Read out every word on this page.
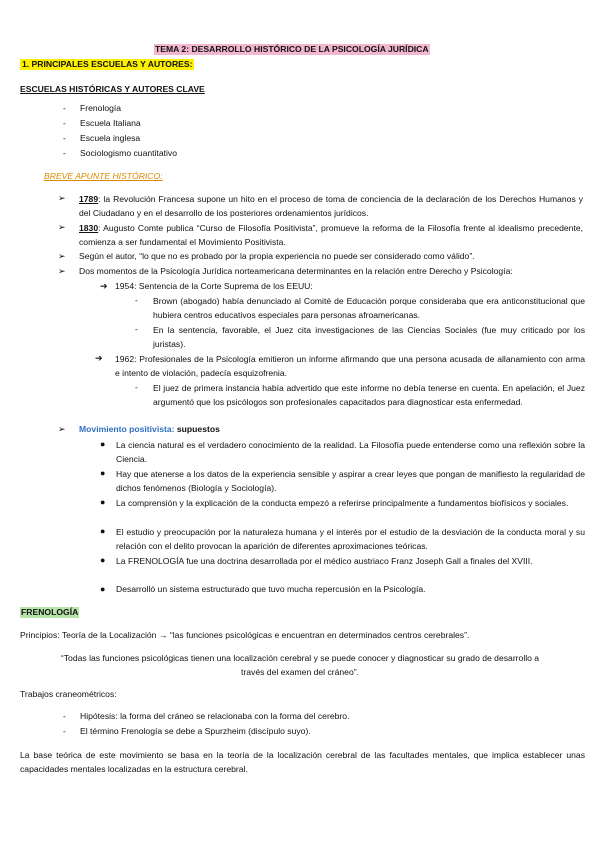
TEMA 2: DESARROLLO HISTÓRICO DE LA PSICOLOGÍA JURÍDICA
1. PRINCIPALES ESCUELAS Y AUTORES:
ESCUELAS HISTÓRICAS Y AUTORES CLAVE
- Frenología
- Escuela Italiana
- Escuela inglesa
- Sociologismo cuantitativo
BREVE APUNTE HISTÓRICO:
➢ 1789: la Revolución Francesa supone un hito en el proceso de toma de conciencia de la declaración de los Derechos Humanos y del Ciudadano y en el desarrollo de los posteriores ordenamientos jurídicos.
➢ 1830: Augusto Comte publica “Curso de Filosofía Positivista”, promueve la reforma de la Filosofía frente al idealismo precedente, comienza a ser fundamental el Movimiento Positivista.
➢ Según el autor, “lo que no es probado por la propia experiencia no puede ser considerado como válido”.
➢ Dos momentos de la Psicología Jurídica norteamericana determinantes en la relación entre Derecho y Psicología:
➔ 1954: Sentencia de la Corte Suprema de los EEUU:
- Brown (abogado) había denunciado al Comité de Educación porque consideraba que era anticonstitucional que hubiera centros educativos especiales para personas afroamericanas.
- En la sentencia, favorable, el Juez cita investigaciones de las Ciencias Sociales (fue muy criticado por los juristas).
➔ 1962: Profesionales de la Psicología emitieron un informe afirmando que una persona acusada de allanamiento con arma e intento de violación, padecía esquizofrenia.
- El juez de primera instancia había advertido que este informe no debía tenerse en cuenta. En apelación, el Juez argumentó que los psicólogos son profesionales capacitados para diagnosticar esta enfermedad.
➢ Movimiento positivista: supuestos
● La ciencia natural es el verdadero conocimiento de la realidad. La Filosofía puede entenderse como una reflexión sobre la Ciencia.
● Hay que atenerse a los datos de la experiencia sensible y aspirar a crear leyes que pongan de manifiesto la regularidad de dichos fenómenos (Biología y Sociología).
● La comprensión y la explicación de la conducta empezó a referirse principalmente a fundamentos biofísicos y sociales.
● El estudio y preocupación por la naturaleza humana y el interés por el estudio de la desviación de la conducta moral y su relación con el delito provocan la aparición de diferentes aproximaciones teóricas.
● La FRENOLOGÍA fue una doctrina desarrollada por el médico austriaco Franz Joseph Gall a finales del XVIII.
● Desarrolló un sistema estructurado que tuvo mucha repercusión en la Psicología.
FRENOLOGÍA
Principios: Teoría de la Localización → “las funciones psicológicas e encuentran en determinados centros cerebrales”.
“Todas las funciones psicológicas tienen una localización cerebral y se puede conocer y diagnosticar su grado de desarrollo a
través del examen del cráneo”.
Trabajos craneométricos:
- Hipótesis: la forma del cráneo se relacionaba con la forma del cerebro.
- El término Frenología se debe a Spurzheim (discípulo suyo).
La base teórica de este movimiento se basa en la teoría de la localización cerebral de las facultades mentales, que implica establecer unas capacidades mentales localizadas en la estructura cerebral.
